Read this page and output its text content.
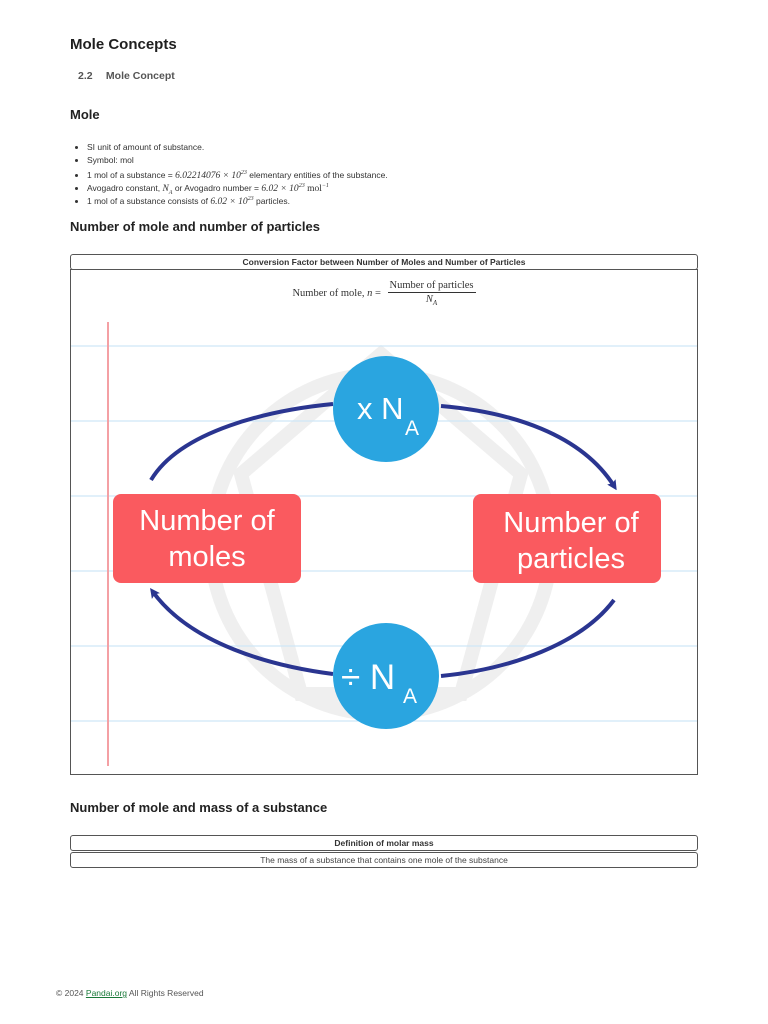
Mole Concepts
2.2 Mole Concept
Mole
• SI unit of amount of substance.
• Symbol: mol
• 1 mol of a substance = $6.02214076 \times 10^{23}$ elementary entities of the substance.
• Avogadro constant, $N_A$ or Avogadro number = $6.02 \times 10^{23}$ mol$^{-1}$
• 1 mol of a substance consists of $6.02 \times 10^{23}$ particles.
Number of mole and number of particles
Conversion Factor between Number of Moles and Number of Particles
Number of mole, $n = \frac{\text{Number of particles}}{N_A}$
Number of
moles
Number of
particles
x N
A
÷ N A
Number of mole and mass of a substance
Definition of molar mass
The mass of a substance that contains one mole of the substance
© 2024 Pandai.org All Rights Reserved
